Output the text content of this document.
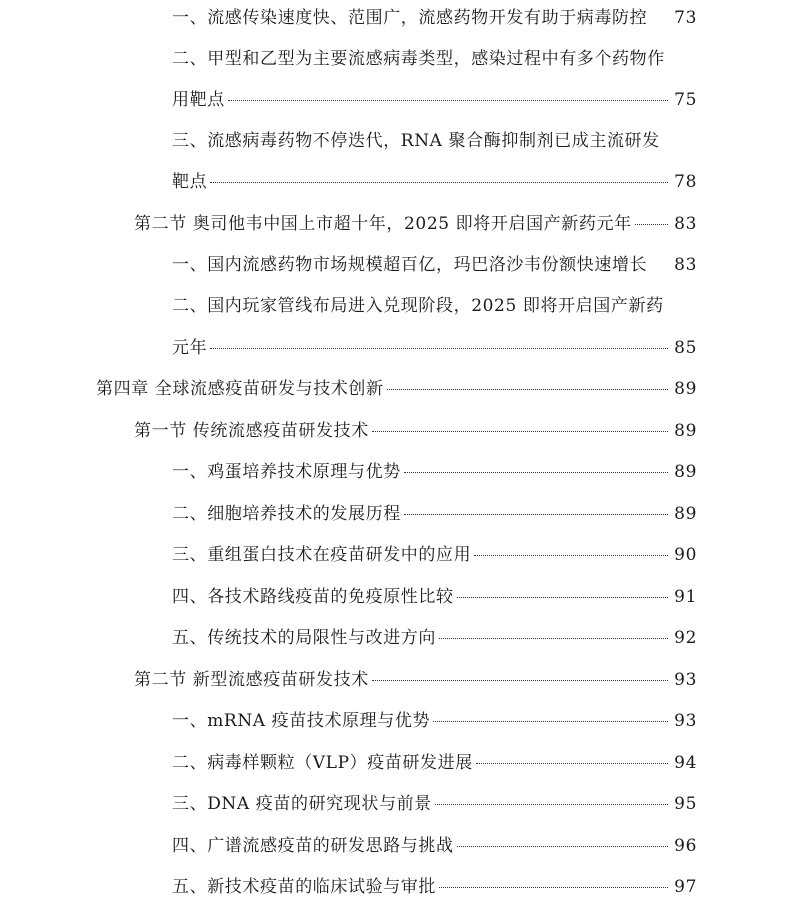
一、流感传染速度快、范围广，流感药物开发有助于病毒防控 73
二、甲型和乙型为主要流感病毒类型，感染过程中有多个药物作
用靶点	75
三、流感病毒药物不停迭代，RNA 聚合酶抑制剂已成主流研发
靶点	78
第二节 奥司他韦中国上市超十年，2025 即将开启国产新药元年 83
一、国内流感药物市场规模超百亿，玛巴洛沙韦份额快速增长 83
二、国内玩家管线布局进入兑现阶段，2025 即将开启国产新药
元年	85
第四章 全球流感疫苗研发与技术创新	89
第一节 传统流感疫苗研发技术	89
一、鸡蛋培养技术原理与优势	89
二、细胞培养技术的发展历程	89
三、重组蛋白技术在疫苗研发中的应用	90
四、各技术路线疫苗的免疫原性比较	91
五、传统技术的局限性与改进方向	92
第二节 新型流感疫苗研发技术	93
一、mRNA 疫苗技术原理与优势	93
二、病毒样颗粒（VLP）疫苗研发进展	94
三、DNA 疫苗的研究现状与前景	95
四、广谱流感疫苗的研发思路与挑战	96
五、新技术疫苗的临床试验与审批	97
